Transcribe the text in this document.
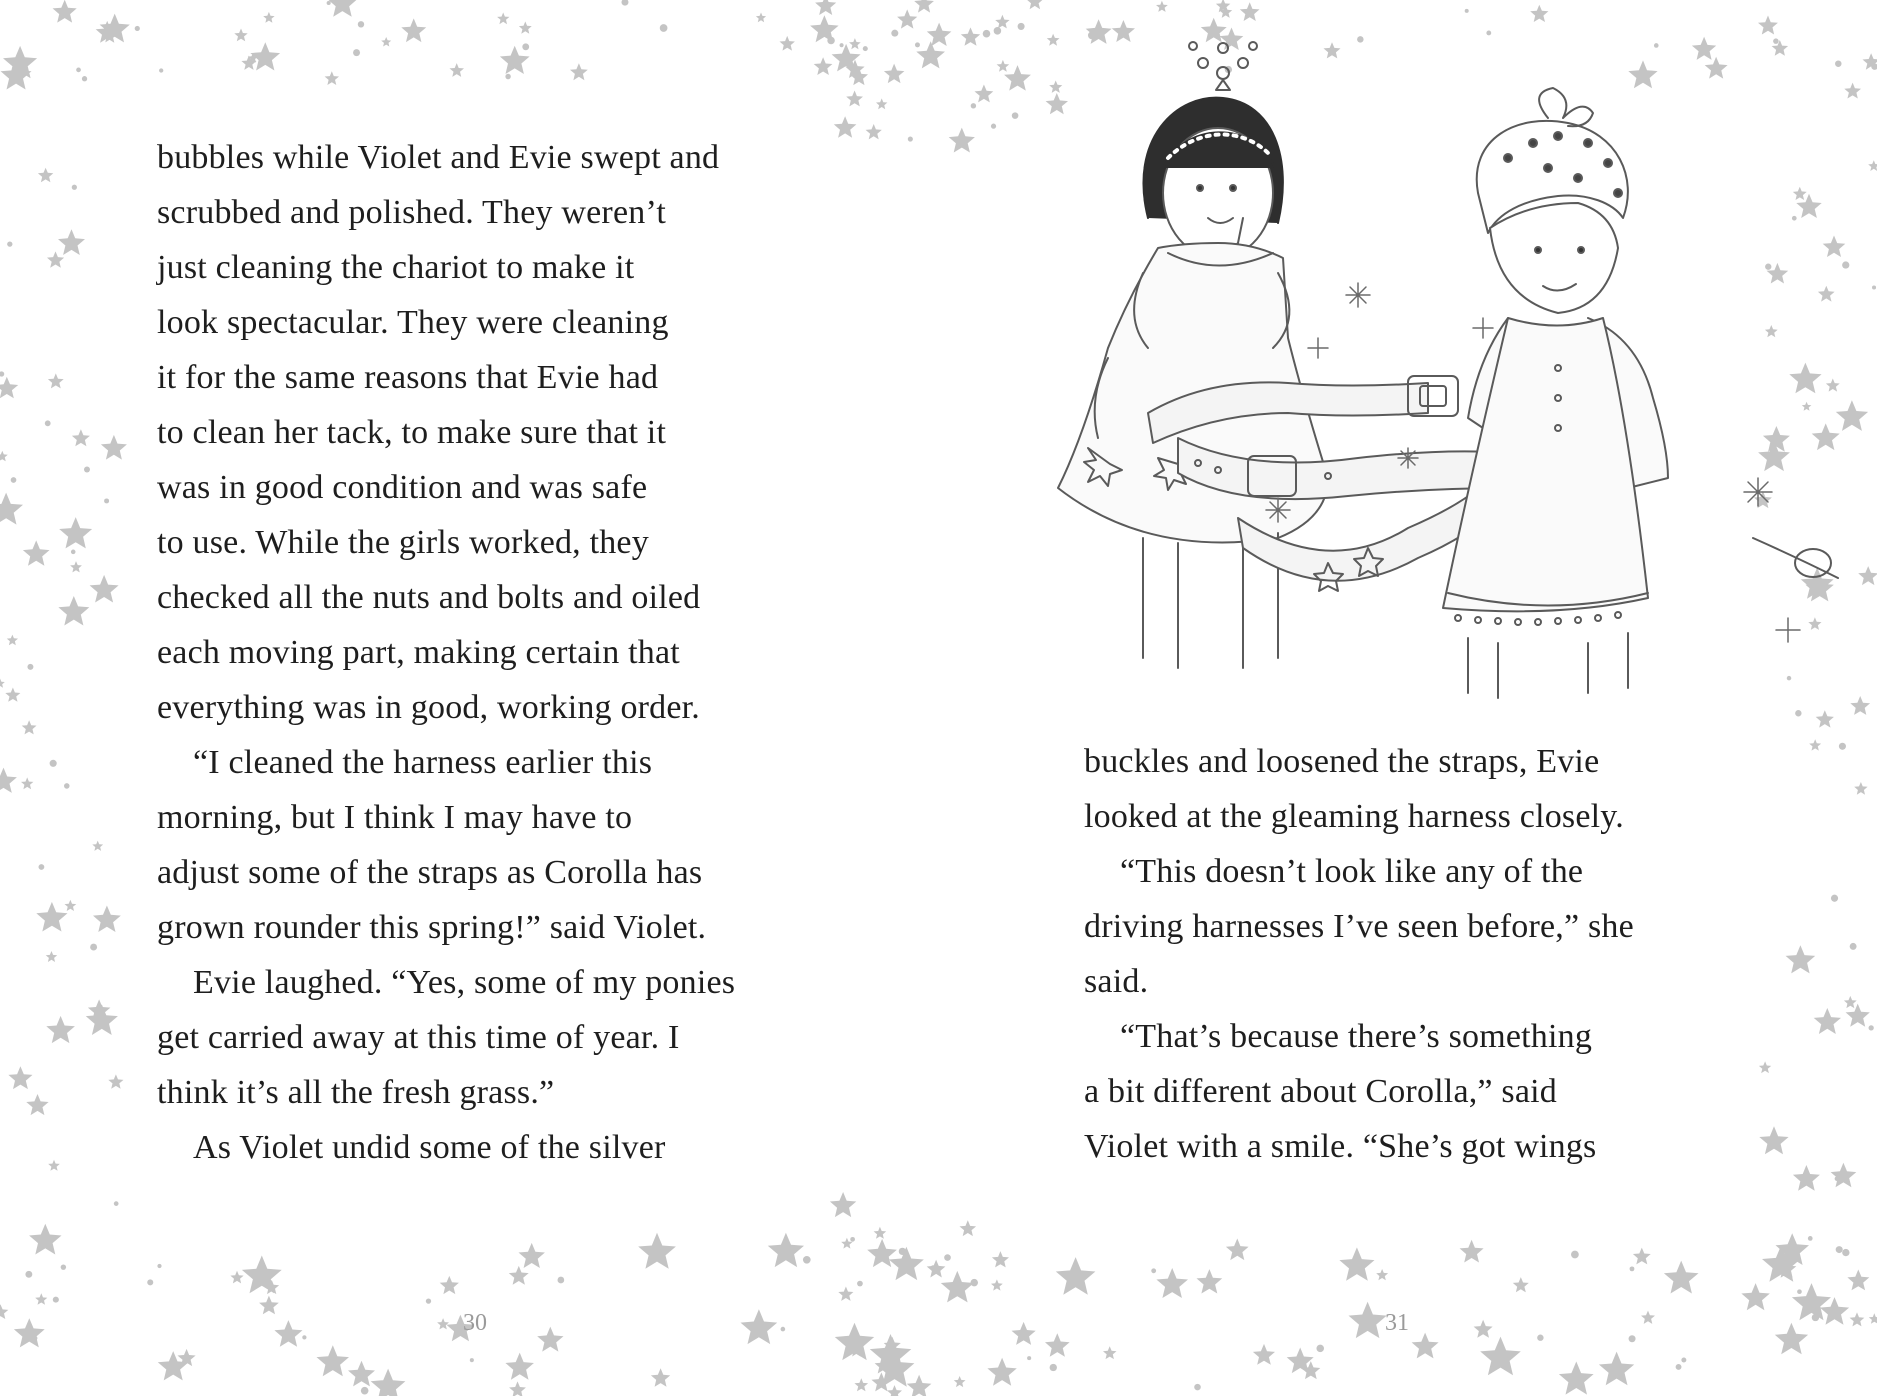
bubbles while Violet and Evie swept and
scrubbed and polished. They weren’t
just cleaning the chariot to make it
look spectacular. They were cleaning
it for the same reasons that Evie had
to clean her tack, to make sure that it
was in good condition and was safe
to use. While the girls worked, they
checked all the nuts and bolts and oiled
each moving part, making certain that
everything was in good, working order.
“I cleaned the harness earlier this
morning, but I think I may have to
adjust some of the straps as Corolla has
grown rounder this spring!” said Violet.
Evie laughed. “Yes, some of my ponies
get carried away at this time of year. I
think it’s all the fresh grass.”
As Violet undid some of the silver
30
buckles and loosened the straps, Evie
looked at the gleaming harness closely.
“This doesn’t look like any of the
driving harnesses I’ve seen before,” she
said.
“That’s because there’s something
a bit different about Corolla,” said
Violet with a smile. “She’s got wings
31
